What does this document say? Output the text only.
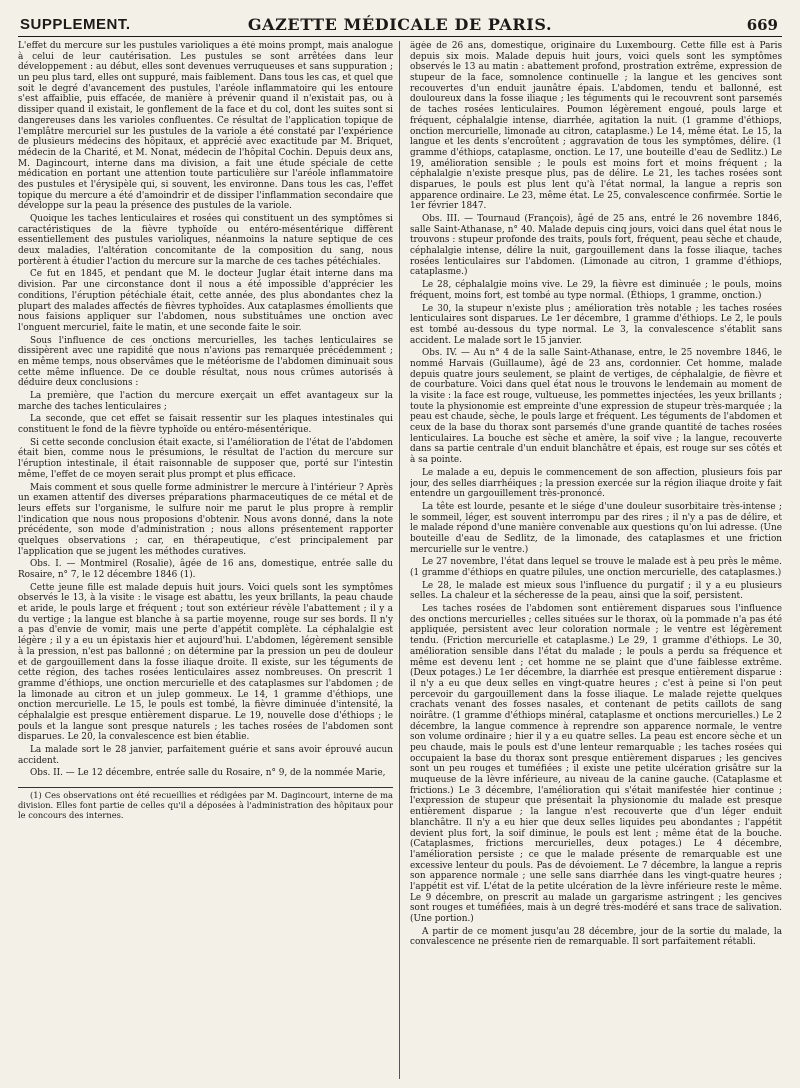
SUPPLEMENT.	GAZETTE MÉDICALE DE PARIS.	669

L'effet du mercure sur les pustules varioliques a été moins prompt, mais analogue à celui de leur cautérisation. Les pustules se sont arrêtées dans leur développement : au début, elles sont devenues verruqueuses et sans suppuration ; un peu plus tard, elles ont suppuré, mais faiblement. Dans tous les cas, et quel que soit le degré d'avancement des pustules, l'aréole inflammatoire qui les entoure s'est affaiblie, puis effacée, de manière à prévenir quand il n'existait pas, ou à dissiper quand il existait, le gonflement de la face et du col, dont les suites sont si dangereuses dans les varioles confluentes. Ce résultat de l'application topique de l'emplâtre mercuriel sur les pustules de la variole a été constaté par l'expérience de plusieurs médecins des hôpitaux, et apprécié avec exactitude par M. Briquet, médecin de la Charité, et M. Nonat, médecin de l'hôpital Cochin. Depuis deux ans, M. Dagincourt, interne dans ma division, a fait une étude spéciale de cette médication en portant une attention toute particulière sur l'aréole inflammatoire des pustules et l'érysipèle qui, si souvent, les environne. Dans tous les cas, l'effet topique du mercure a été d'amoindrir et de dissiper l'inflammation secondaire que développe sur la peau la présence des pustules de la variole.

Quoique les taches lenticulaires et rosées qui constituent un des symptômes si caractéristiques de la fièvre typhoïde ou entéro-mésentérique diffèrent essentiellement des pustules varioliques, néanmoins la nature septique de ces deux maladies, l'altération concomitante de la composition du sang, nous portèrent à étudier l'action du mercure sur la marche de ces taches pétéchiales.

Ce fut en 1845, et pendant que M. le docteur Juglar était interne dans ma division. Par une circonstance dont il nous a été impossible d'apprécier les conditions, l'éruption pétéchiale était, cette année, des plus abondantes chez la plupart des malades affectés de fièvres typhoïdes. Aux cataplasmes émollients que nous faisions appliquer sur l'abdomen, nous substituâmes une onction avec l'onguent mercuriel, faite le matin, et une seconde faite le soir.

Sous l'influence de ces onctions mercurielles, les taches lenticulaires se dissipèrent avec une rapidité que nous n'avions pas remarquée précédemment ; en même temps, nous observâmes que le météorisme de l'abdomen diminuait sous cette même influence. De ce double résultat, nous nous crûmes autorisés à déduire deux conclusions :

La première, que l'action du mercure exerçait un effet avantageux sur la marche des taches lenticulaires ;

La seconde, que cet effet se faisait ressentir sur les plaques intestinales qui constituent le fond de la fièvre typhoïde ou entéro-mésentérique.

Si cette seconde conclusion était exacte, si l'amélioration de l'état de l'abdomen était bien, comme nous le présumions, le résultat de l'action du mercure sur l'éruption intestinale, il était raisonnable de supposer que, porté sur l'intestin même, l'effet de ce moyen serait plus prompt et plus efficace.

Mais comment et sous quelle forme administrer le mercure à l'intérieur ? Après un examen attentif des diverses préparations pharmaceutiques de ce métal et de leurs effets sur l'organisme, le sulfure noir me parut le plus propre à remplir l'indication que nous nous proposions d'obtenir. Nous avons donné, dans la note précédente, son mode d'administration ; nous allons présentement rapporter quelques observations ; car, en thérapeutique, c'est principalement par l'application que se jugent les méthodes curatives.

Obs. I. — Montmirel (Rosalie), âgée de 16 ans, domestique, entrée salle du Rosaire, n° 7, le 12 décembre 1846 (1).

Cette jeune fille est malade depuis huit jours. Voici quels sont les symptômes observés le 13, à la visite : le visage est abattu, les yeux brillants, la peau chaude et aride, le pouls large et fréquent ; tout son extérieur révèle l'abattement ; il y a du vertige ; la langue est blanche à sa partie moyenne, rouge sur ses bords. Il n'y a pas d'envie de vomir, mais une perte d'appétit complète. La céphalalgie est légère ; il y a eu un épistaxis hier et aujourd'hui. L'abdomen, légèrement sensible à la pression, n'est pas ballonné ; on détermine par la pression un peu de douleur et de gargouillement dans la fosse iliaque droite. Il existe, sur les téguments de cette région, des taches rosées lenticulaires assez nombreuses. On prescrit 1 gramme d'éthiops, une onction mercurielle et des cataplasmes sur l'abdomen ; de la limonade au citron et un julep gommeux. Le 14, 1 gramme d'éthiops, une onction mercurielle. Le 15, le pouls est tombé, la fièvre diminuée d'intensité, la céphalalgie est presque entièrement disparue. Le 19, nouvelle dose d'éthiops ; le pouls et la langue sont presque naturels ; les taches rosées de l'abdomen sont disparues. Le 20, la convalescence est bien établie.

La malade sort le 28 janvier, parfaitement guérie et sans avoir éprouvé aucun accident.

Obs. II. — Le 12 décembre, entrée salle du Rosaire, n° 9, de la nommée Marie,

(1) Ces observations ont été recueillies et rédigées par M. Dagincourt, interne de ma division. Elles font partie de celles qu'il a déposées à l'administration des hôpitaux pour le concours des internes.

âgée de 26 ans, domestique, originaire du Luxembourg. Cette fille est à Paris depuis six mois. Malade depuis huit jours, voici quels sont les symptômes observés le 13 au matin : abattement profond, prostration extrême, expression de stupeur de la face, somnolence continuelle ; la langue et les gencives sont recouvertes d'un enduit jaunâtre épais. L'abdomen, tendu et ballonné, est douloureux dans la fosse iliaque ; les téguments qui le recouvrent sont parsemés de taches rosées lenticulaires. Poumon légèrement engoué, pouls large et fréquent, céphalalgie intense, diarrhée, agitation la nuit. (1 gramme d'éthiops, onction mercurielle, limonade au citron, cataplasme.) Le 14, même état. Le 15, la langue et les dents s'encroûtent ; aggravation de tous les symptômes, délire. (1 gramme d'éthiops, cataplasme, onction. Le 17, une bouteille d'eau de Sedlitz.) Le 19, amélioration sensible ; le pouls est moins fort et moins fréquent ; la céphalalgie n'existe presque plus, pas de délire. Le 21, les taches rosées sont disparues, le pouls est plus lent qu'à l'état normal, la langue a repris son apparence ordinaire. Le 23, même état. Le 25, convalescence confirmée. Sortie le 1er février 1847.

Obs. III. — Tournaud (François), âgé de 25 ans, entré le 26 novembre 1846, salle Saint-Athanase, n° 40. Malade depuis cinq jours, voici dans quel état nous le trouvons : stupeur profonde des traits, pouls fort, fréquent, peau sèche et chaude, céphalalgie intense, délire la nuit, gargouillement dans la fosse iliaque, taches rosées lenticulaires sur l'abdomen. (Limonade au citron, 1 gramme d'éthiops, cataplasme.)

Le 28, céphalalgie moins vive. Le 29, la fièvre est diminuée ; le pouls, moins fréquent, moins fort, est tombé au type normal. (Éthiops, 1 gramme, onction.)

Le 30, la stupeur n'existe plus ; amélioration très notable ; les taches rosées lenticulaires sont disparues. Le 1er décembre, 1 gramme d'éthiops. Le 2, le pouls est tombé au-dessous du type normal. Le 3, la convalescence s'établit sans accident. Le malade sort le 15 janvier.

Obs. IV. — Au n° 4 de la salle Saint-Athanase, entre, le 25 novembre 1846, le nommé Harvais (Guillaume), âgé de 23 ans, cordonnier. Cet homme, malade depuis quatre jours seulement, se plaint de vertiges, de céphalalgie, de fièvre et de courbature. Voici dans quel état nous le trouvons le lendemain au moment de la visite : la face est rouge, vultueuse, les pommettes injectées, les yeux brillants ; toute la physionomie est empreinte d'une expression de stupeur très-marquée ; la peau est chaude, sèche, le pouls large et fréquent. Les téguments de l'abdomen et ceux de la base du thorax sont parsemés d'une grande quantité de taches rosées lenticulaires. La bouche est sèche et amère, la soif vive ; la langue, recouverte dans sa partie centrale d'un enduit blanchâtre et épais, est rouge sur ses côtés et à sa pointe.

Le malade a eu, depuis le commencement de son affection, plusieurs fois par jour, des selles diarrhéiques ; la pression exercée sur la région iliaque droite y fait entendre un gargouillement très-prononcé.

La tête est lourde, pesante et le siége d'une douleur susorbitaire très-intense ; le sommeil, léger, est souvent interrompu par des rires ; il n'y a pas de délire, et le malade répond d'une manière convenable aux questions qu'on lui adresse. (Une bouteille d'eau de Sedlitz, de la limonade, des cataplasmes et une friction mercurielle sur le ventre.)

Le 27 novembre, l'état dans lequel se trouve le malade est à peu près le même. (1 gramme d'éthiops en quatre pilules, une onction mercurielle, des cataplasmes.)

Le 28, le malade est mieux sous l'influence du purgatif ; il y a eu plusieurs selles. La chaleur et la sécheresse de la peau, ainsi que la soif, persistent.

Les taches rosées de l'abdomen sont entièrement disparues sous l'influence des onctions mercurielles ; celles situées sur le thorax, où la pommade n'a pas été appliquée, persistent avec leur coloration normale ; le ventre est légèrement tendu. (Friction mercurielle et cataplasme.) Le 29, 1 gramme d'éthiops. Le 30, amélioration sensible dans l'état du malade ; le pouls a perdu sa fréquence et même est devenu lent ; cet homme ne se plaint que d'une faiblesse extrême. (Deux potages.) Le 1er décembre, la diarrhée est presque entièrement disparue : il n'y a eu que deux selles en vingt-quatre heures ; c'est à peine si l'on peut percevoir du gargouillement dans la fosse iliaque. Le malade rejette quelques crachats venant des fosses nasales, et contenant de petits caillots de sang noirâtre. (1 gramme d'éthiops minéral, cataplasme et onctions mercurielles.) Le 2 décembre, la langue commence à reprendre son apparence normale, le ventre son volume ordinaire ; hier il y a eu quatre selles. La peau est encore sèche et un peu chaude, mais le pouls est d'une lenteur remarquable ; les taches rosées qui occupaient la base du thorax sont presque entièrement disparues ; les gencives sont un peu rouges et tuméfiées ; il existe une petite ulcération grisâtre sur la muqueuse de la lèvre inférieure, au niveau de la canine gauche. (Cataplasme et frictions.) Le 3 décembre, l'amélioration qui s'était manifestée hier continue ; l'expression de stupeur que présentait la physionomie du malade est presque entièrement disparue ; la langue n'est recouverte que d'un léger enduit blanchâtre. Il n'y a eu hier que deux selles liquides peu abondantes ; l'appétit devient plus fort, la soif diminue, le pouls est lent ; même état de la bouche. (Cataplasmes, frictions mercurielles, deux potages.) Le 4 décembre, l'amélioration persiste ; ce que le malade présente de remarquable est une excessive lenteur du pouls. Pas de dévoiement. Le 7 décembre, la langue a repris son apparence normale ; une selle sans diarrhée dans les vingt-quatre heures ; l'appétit est vif. L'état de la petite ulcération de la lèvre inférieure reste le même. Le 9 décembre, on prescrit au malade un gargarisme astringent ; les gencives sont rouges et tuméfiées, mais à un degré très-modéré et sans trace de salivation. (Une portion.)

A partir de ce moment jusqu'au 28 décembre, jour de la sortie du malade, la convalescence ne présente rien de remarquable. Il sort parfaitement rétabli.
